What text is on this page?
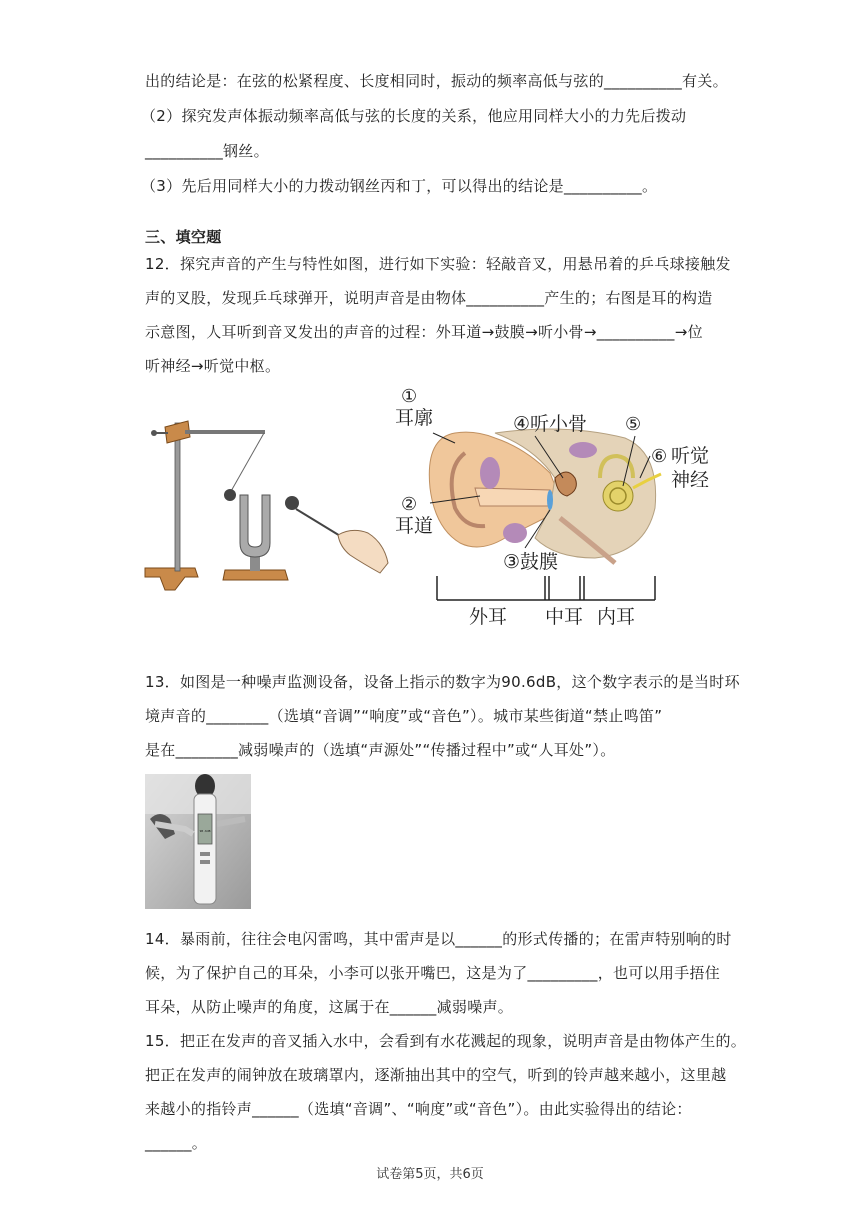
出的结论是：在弦的松紧程度、长度相同时，振动的频率高低与弦的__________有关。
（2）探究发声体振动频率高低与弦的长度的关系，他应用同样大小的力先后拨动
__________钢丝。
（3）先后用同样大小的力拨动钢丝丙和丁，可以得出的结论是__________。
三、填空题
12．探究声音的产生与特性如图，进行如下实验：轻敲音叉，用悬吊着的乒乓球接触发
声的叉股，发现乒乓球弹开，说明声音是由物体__________产生的；右图是耳的构造
示意图，人耳听到音叉发出的声音的过程：外耳道→鼓膜→听小骨→__________→位
听神经→听觉中枢。
①
耳廓
②
耳道
③鼓膜
④听小骨 ⑤
⑥ 听觉
神经
外耳 中耳 内耳
13．如图是一种噪声监测设备，设备上指示的数字为90.6dB，这个数字表示的是当时环
境声音的________（选填“音调”“响度”或“音色”）。城市某些街道“禁止鸣笛”
是在________减弱噪声的（选填“声源处”“传播过程中”或“人耳处”）。
90.6dB
14．暴雨前，往往会电闪雷鸣，其中雷声是以______的形式传播的；在雷声特别响的时
候，为了保护自己的耳朵，小李可以张开嘴巴，这是为了_________，也可以用手捂住
耳朵，从防止噪声的角度，这属于在______减弱噪声。
15．把正在发声的音叉插入水中，会看到有水花溅起的现象，说明声音是由物体产生的。
把正在发声的闹钟放在玻璃罩内，逐渐抽出其中的空气，听到的铃声越来越小，这里越
来越小的指铃声______（选填“音调”、“响度”或“音色”）。由此实验得出的结论：
______。
试卷第5页，共6页
